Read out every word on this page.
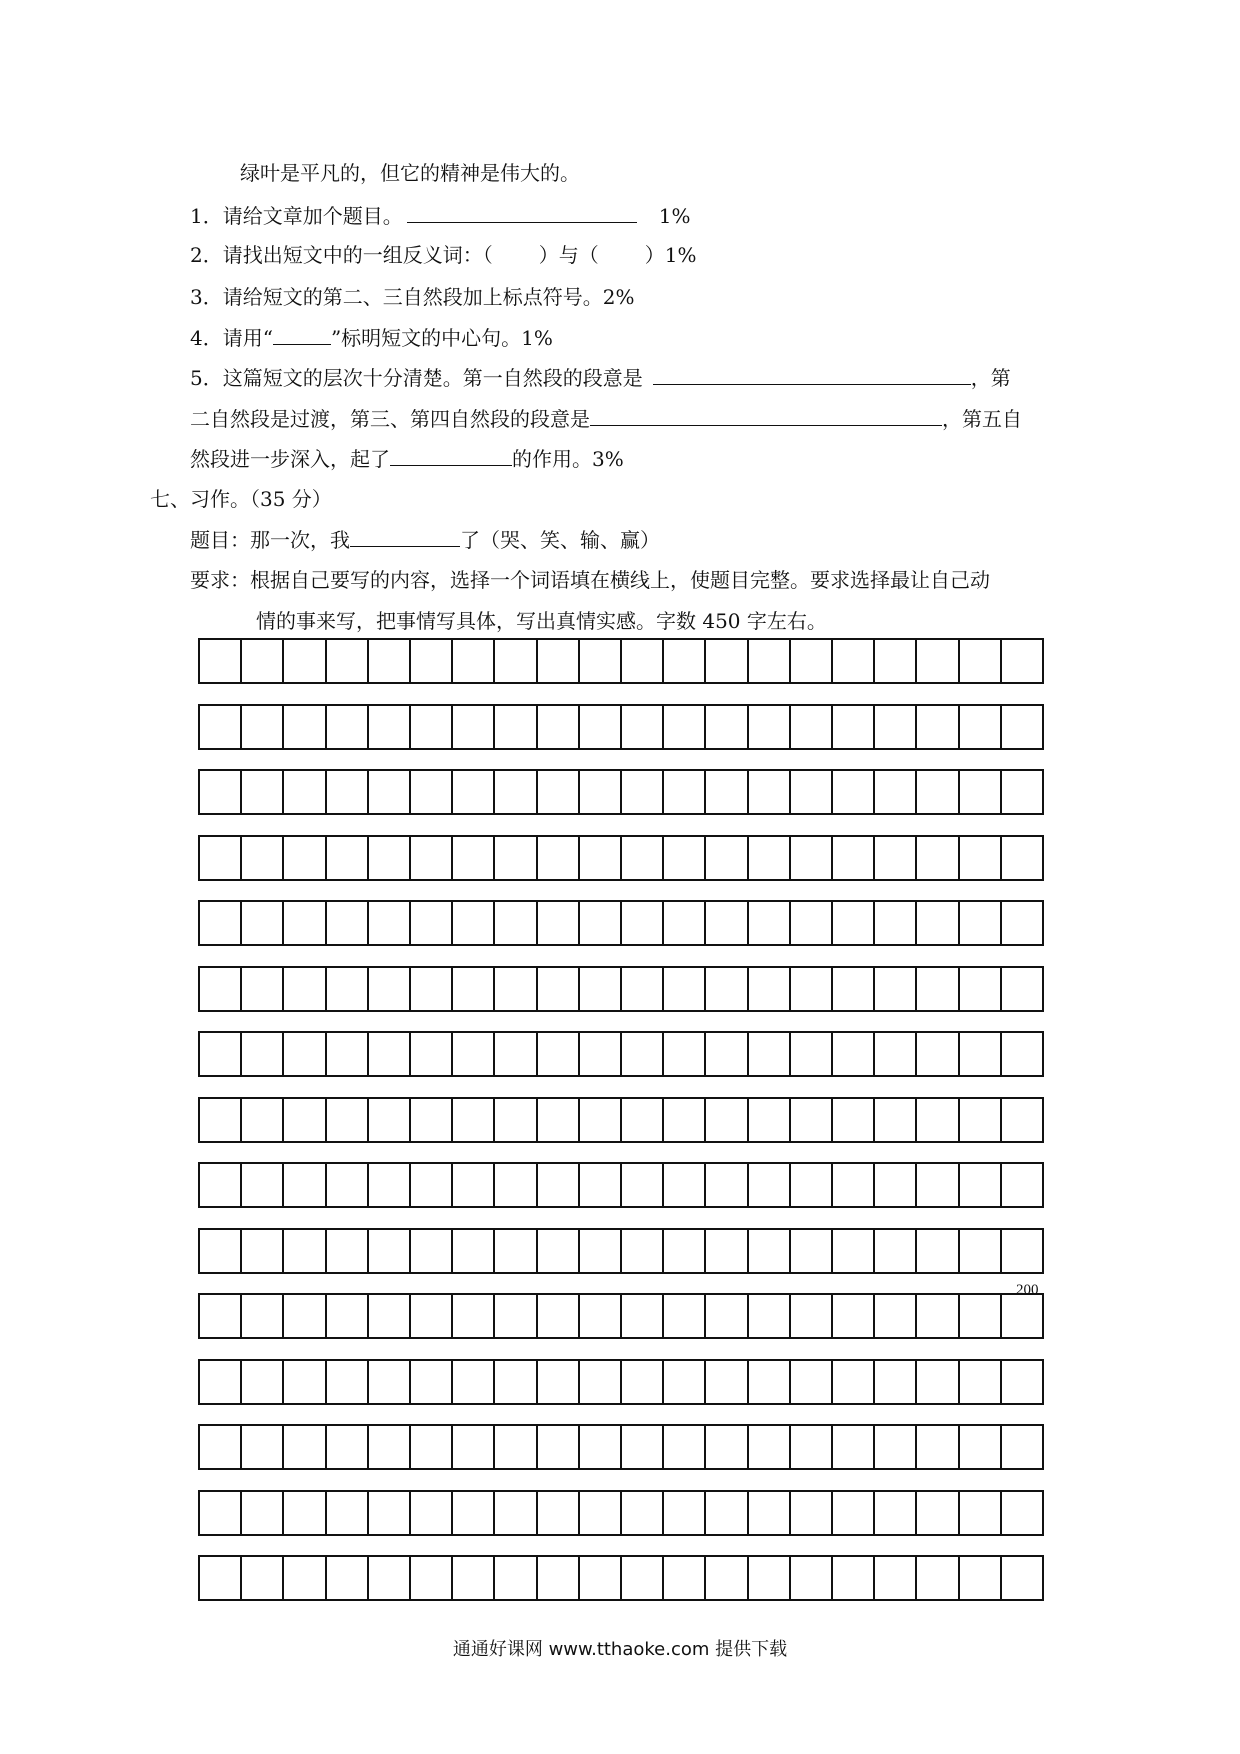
绿叶是平凡的，但它的精神是伟大的。
1．请给文章加个题目。	1%
2．请找出短文中的一组反义词：（ ）与（ ）1%
3．请给短文的第二、三自然段加上标点符号。2%
4．请用“	”标明短文的中心句。1%
5．这篇短文的层次十分清楚。第一自然段的段意是	，第
二自然段是过渡，第三、第四自然段的段意是	，第五自
然段进一步深入，起了	的作用。3%
七、习作。（35 分）
题目：那一次，我	了（哭、笑、输、赢）
要求：根据自己要写的内容，选择一个词语填在横线上，使题目完整。要求选择最让自己动
情的事来写，把事情写具体，写出真情实感。字数 450 字左右。
200
通通好课网 www.tthaoke.com 提供下载
